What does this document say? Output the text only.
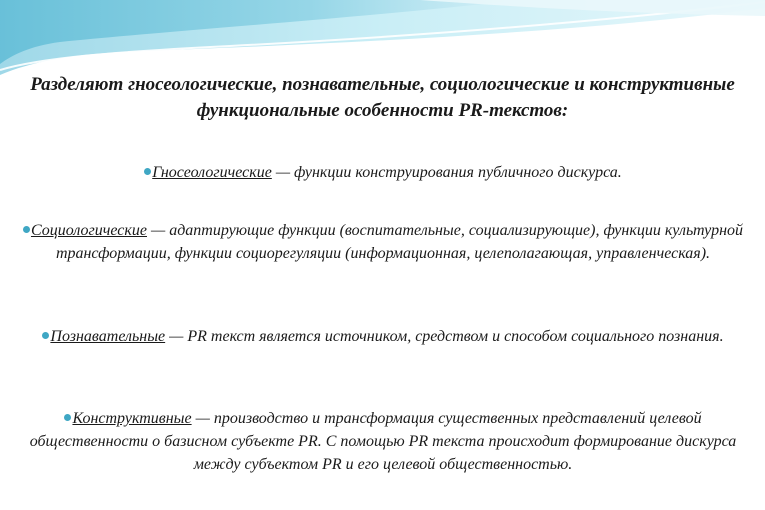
Разделяют гносеологические, познавательные, социологические и конструктивные функциональные особенности PR-текстов:

Гносеологические — функции конструирования публичного дискурса.

Социологические — адаптирующие функции (воспитательные, социализирующие), функции культурной трансформации, функции социорегуляции (информационная, целеполагающая, управленческая).

Познавательные — PR текст является источником, средством и способом социального познания.

Конструктивные — производство и трансформация существенных представлений целевой общественности о базисном субъекте PR. С помощью PR текста происходит формирование дискурса между субъектом PR и его целевой общественностью.
